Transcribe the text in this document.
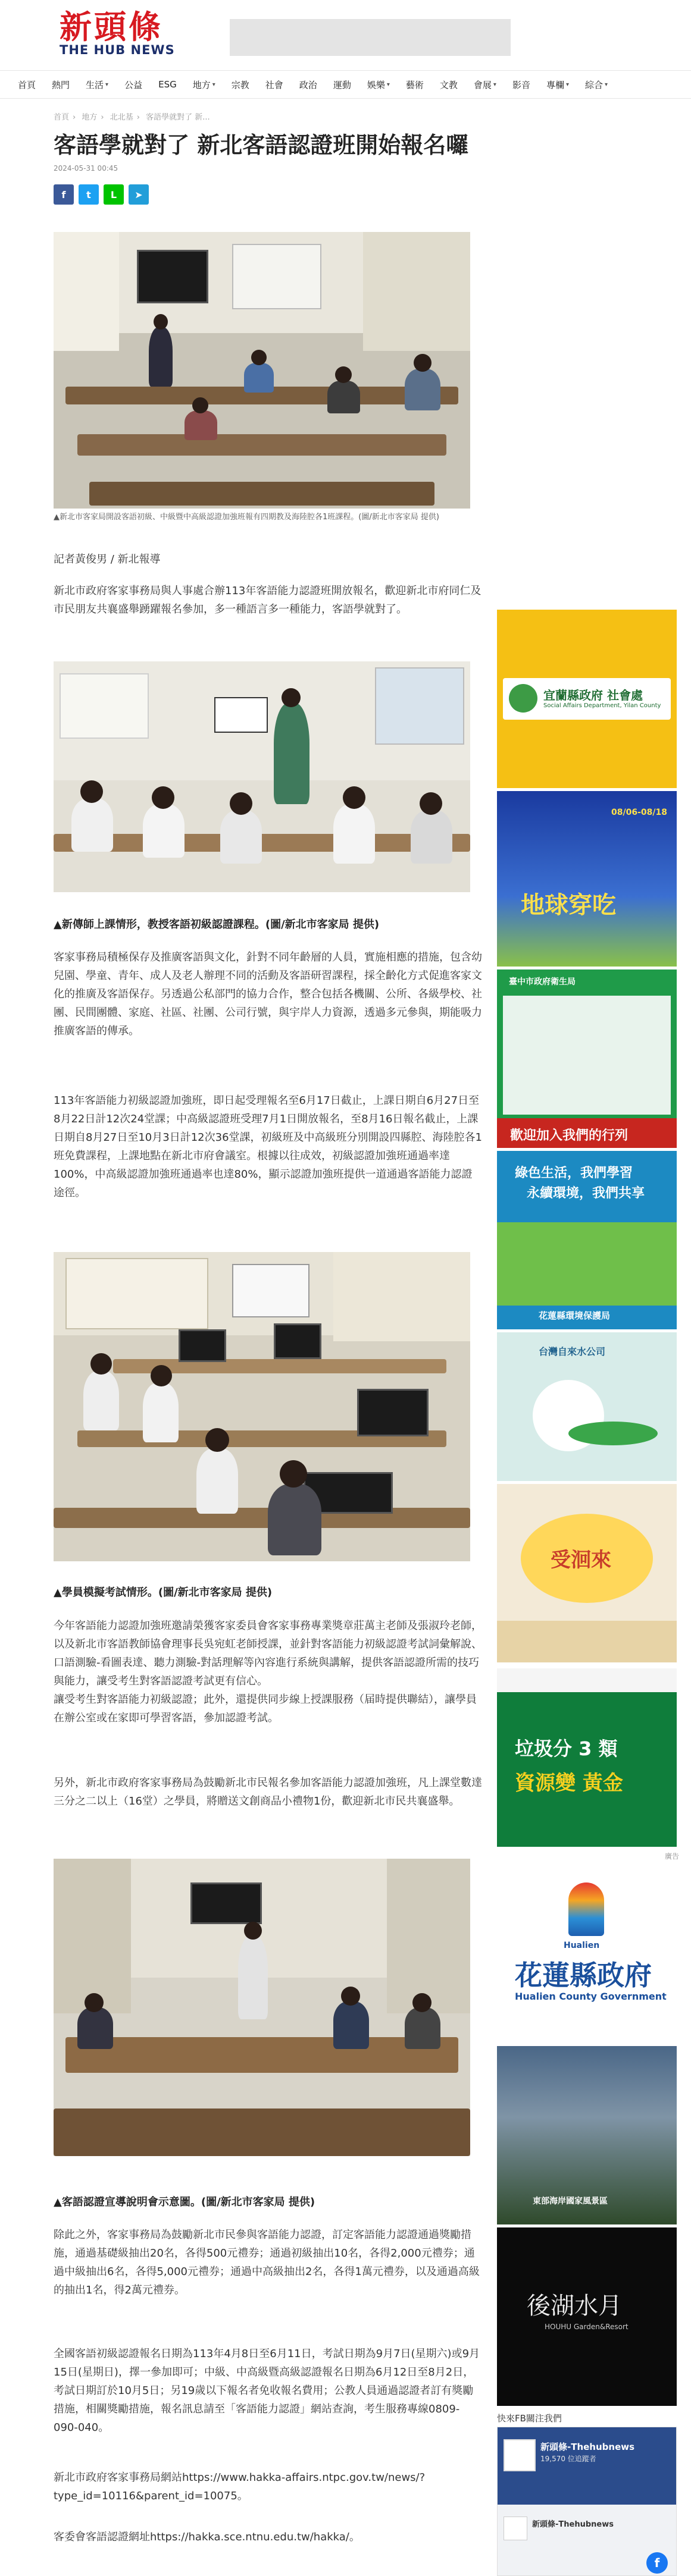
新頭條
THE HUB NEWS
首頁 熱門 生活 ▾ 公益 ESG 地方 ▾ 宗教 社會 政治 運動 娛樂 ▾ 藝術 文教 會展 ▾ 影音 專欄 ▾ 綜合 ▾
首頁 › 地方 › 北北基 › 客語學就對了 新...
客語學就對了 新北客語認證班開始報名囉
2024-05-31 00:45
f	t	L	➤
▲新北市客家局開設客語初級、中級暨中高級認證加強班報有四期教及海陸腔各1班課程。(圖/新北市客家局 提供)
記者黃俊男 / 新北報導
新北市政府客家事務局與人事處合辦113年客語能力認證班開放報名，歡迎新北市府同仁及市民朋友共襄盛舉踴躍報名參加，多一種語言多一種能力，客語學就對了。
▲新傳師上課情形，教授客語初級認證課程。(圖/新北市客家局 提供)
客家事務局積極保存及推廣客語與文化，針對不同年齡層的人員，實施相應的措施，包含幼兒園、學童、青年、成人及老人辦理不同的活動及客語研習課程，採全齡化方式促進客家文化的推廣及客語保存。另透過公私部門的協力合作，整合包括各機關、公所、各級學校、社團、民間團體、家庭、社區、社團、公司行號，與宇岸人力資源，透過多元參與，期能吸力推廣客語的傳承。
113年客語能力初級認證加強班，即日起受理報名至6月17日截止，上課日期自6月27日至8月22日計12次24堂課；中高級認證班受理7月1日開放報名，至8月16日報名截止，上課日期自8月27日至10月3日計12次36堂課，初級班及中高級班分別開設四縣腔、海陸腔各1班免費課程，上課地點在新北市府會議室。根據以往成效，初級認證加強班通過率達100%，中高級認證加強班通過率也達80%，顯示認證加強班提供一道通過客語能力認證途徑。
▲學員模擬考試情形。(圖/新北市客家局 提供)
今年客語能力認證加強班邀請榮獲客家委員會客家事務專業獎章莊萬主老師及張淑玲老師，以及新北市客語教師協會理事長吳宛虹老師授課，並針對客語能力初級認證考試詞彙解說、口語測驗-看圖表達、聽力測驗-對話理解等內容進行系統與講解，提供客語認證所需的技巧與能力，讓受考生對客語認證考試更有信心。
讓受考生對客語能力初級認證；此外，還提供同步線上授課服務（届時提供聯結），讓學員在辦公室或在家即可學習客語，參加認證考試。
另外，新北市政府客家事務局為鼓勵新北市民報名參加客語能力認證加強班，凡上課堂數達三分之二以上（16堂）之學員，將贈送文創商品小禮物1份，歡迎新北市民共襄盛舉。
▲客語認證宣導說明會示意圖。(圖/新北市客家局 提供)
除此之外，客家事務局為鼓勵新北市民參與客語能力認證，訂定客語能力認證通過獎勵措施，通過基礎級抽出20名，各得500元禮券；通過初級抽出10名，各得2,000元禮券；通過中級抽出6名，各得5,000元禮券；通過中高級抽出2名，各得1萬元禮券，以及通過高級的抽出1名，得2萬元禮券。
全國客語初級認證報名日期為113年4月8日至6月11日，考試日期為9月7日(星期六)或9月15日(星期日)，擇一參加即可；中級、中高級暨高級認證報名日期為6月12日至8月2日，考試日期訂於10月5日；另19歲以下報名者免收報名費用；公教人員通過認證者訂有獎勵措施，相關獎勵措施，報名訊息請至「客語能力認證」網站查詢，考生服務專線0809-090-040。
新北市政府客家事務局網站https://www.hakka-affairs.ntpc.gov.tw/news/?type_id=10116&parent_id=10075。
客委會客語認證網址https://hakka.sce.ntnu.edu.tw/hakka/。
宜蘭縣政府 社會處
Social Affairs Department, Yilan County
08/06-08/18
地球穿吃
臺中市政府衛生局
歡迎加入我們的行列
綠色生活，我們學習
永續環境，我們共享
花蓮縣環境保護局
台灣自來水公司
受洄來
垃圾分 3 類
資源變 黃金
廣告
Hualien
花蓮縣政府
Hualien County Government
東部海岸國家風景區
後湖水月
HOUHU Garden&Resort
快來FB關注我們
新頭條-Thehubnews
19,570 位追蹤者
新頭條-Thehubnews
f
